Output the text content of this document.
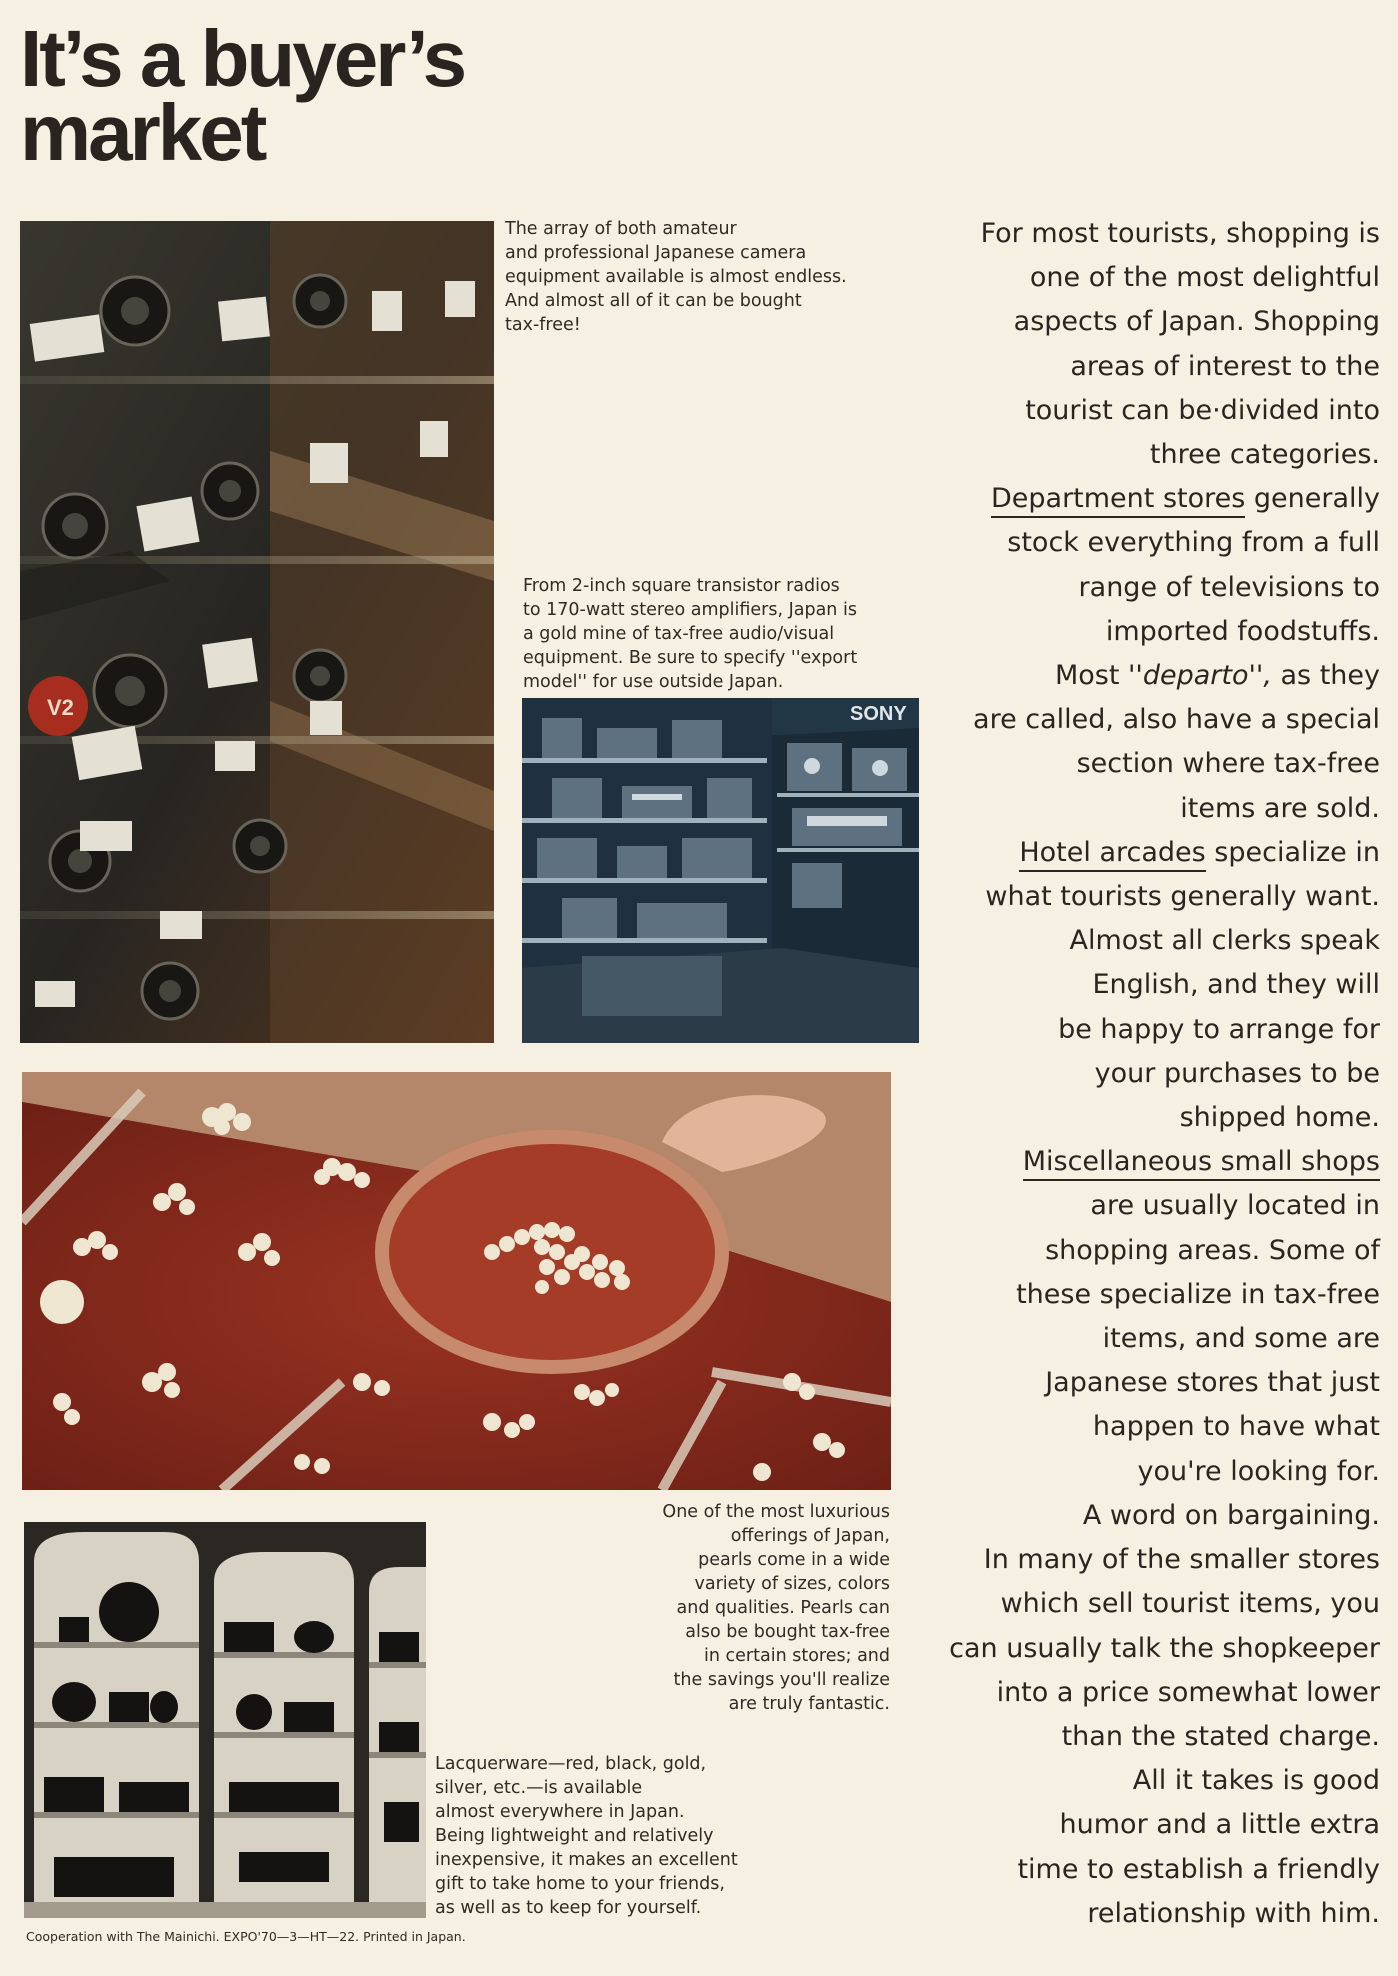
It’s a buyer’s
market
V2

The array of both amateur
and professional Japanese camera
equipment available is almost endless.
And almost all of it can be bought
tax-free!

From 2-inch square transistor radios
to 170-watt stereo amplifiers, Japan is
a gold mine of tax-free audio/visual
equipment. Be sure to specify ''export
model'' for use outside Japan.

SONY

One of the most luxurious
offerings of Japan,
pearls come in a wide
variety of sizes, colors
and qualities. Pearls can
also be bought tax-free
in certain stores; and
the savings you'll realize
are truly fantastic.

Lacquerware—red, black, gold,
silver, etc.—is available
almost everywhere in Japan.
Being lightweight and relatively
inexpensive, it makes an excellent
gift to take home to your friends,
as well as to keep for yourself.

For most tourists, shopping is
one of the most delightful
aspects of Japan. Shopping
areas of interest to the
tourist can be·divided into
three categories.
Department stores generally
stock everything from a full
range of televisions to
imported foodstuffs.
Most ''departo'', as they
are called, also have a special
section where tax-free
items are sold.
Hotel arcades specialize in
what tourists generally want.
Almost all clerks speak
English, and they will
be happy to arrange for
your purchases to be
shipped home.
Miscellaneous small shops
are usually located in
shopping areas. Some of
these specialize in tax-free
items, and some are
Japanese stores that just
happen to have what
you're looking for.
A word on bargaining.
In many of the smaller stores
which sell tourist items, you
can usually talk the shopkeeper
into a price somewhat lower
than the stated charge.
All it takes is good
humor and a little extra
time to establish a friendly
relationship with him.
Cooperation with The Mainichi. EXPO'70—3—HT—22. Printed in Japan.
